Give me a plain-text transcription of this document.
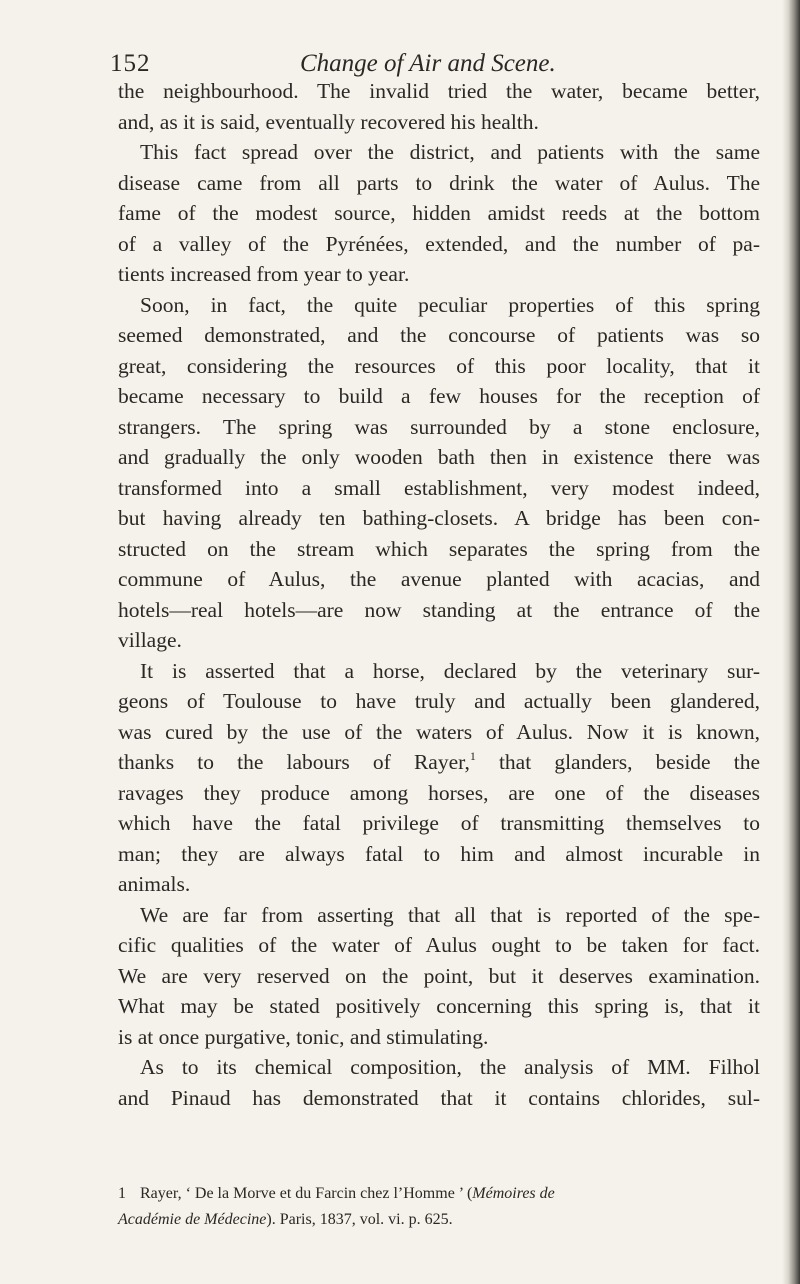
152	Change of Air and Scene.
the neighbourhood. The invalid tried the water, became better,
and, as it is said, eventually recovered his health.
This fact spread over the district, and patients with the same
disease came from all parts to drink the water of Aulus. The
fame of the modest source, hidden amidst reeds at the bottom
of a valley of the Pyrénées, extended, and the number of pa-
tients increased from year to year.
Soon, in fact, the quite peculiar properties of this spring
seemed demonstrated, and the concourse of patients was so
great, considering the resources of this poor locality, that it
became necessary to build a few houses for the reception of
strangers. The spring was surrounded by a stone enclosure,
and gradually the only wooden bath then in existence there was
transformed into a small establishment, very modest indeed,
but having already ten bathing-closets. A bridge has been con-
structed on the stream which separates the spring from the
commune of Aulus, the avenue planted with acacias, and
hotels—real hotels—are now standing at the entrance of the
village.
It is asserted that a horse, declared by the veterinary sur-
geons of Toulouse to have truly and actually been glandered,
was cured by the use of the waters of Aulus. Now it is known,
thanks to the labours of Rayer,$^1$ that glanders, beside the
ravages they produce among horses, are one of the diseases
which have the fatal privilege of transmitting themselves to
man; they are always fatal to him and almost incurable in
animals.
We are far from asserting that all that is reported of the spe-
cific qualities of the water of Aulus ought to be taken for fact.
We are very reserved on the point, but it deserves examination.
What may be stated positively concerning this spring is, that it
is at once purgative, tonic, and stimulating.
As to its chemical composition, the analysis of MM. Filhol
and Pinaud has demonstrated that it contains chlorides, sul-
1 Rayer, ‘ De la Morve et du Farcin chez l’Homme ’ (Mémoires de
Académie de Médecine). Paris, 1837, vol. vi. p. 625.
